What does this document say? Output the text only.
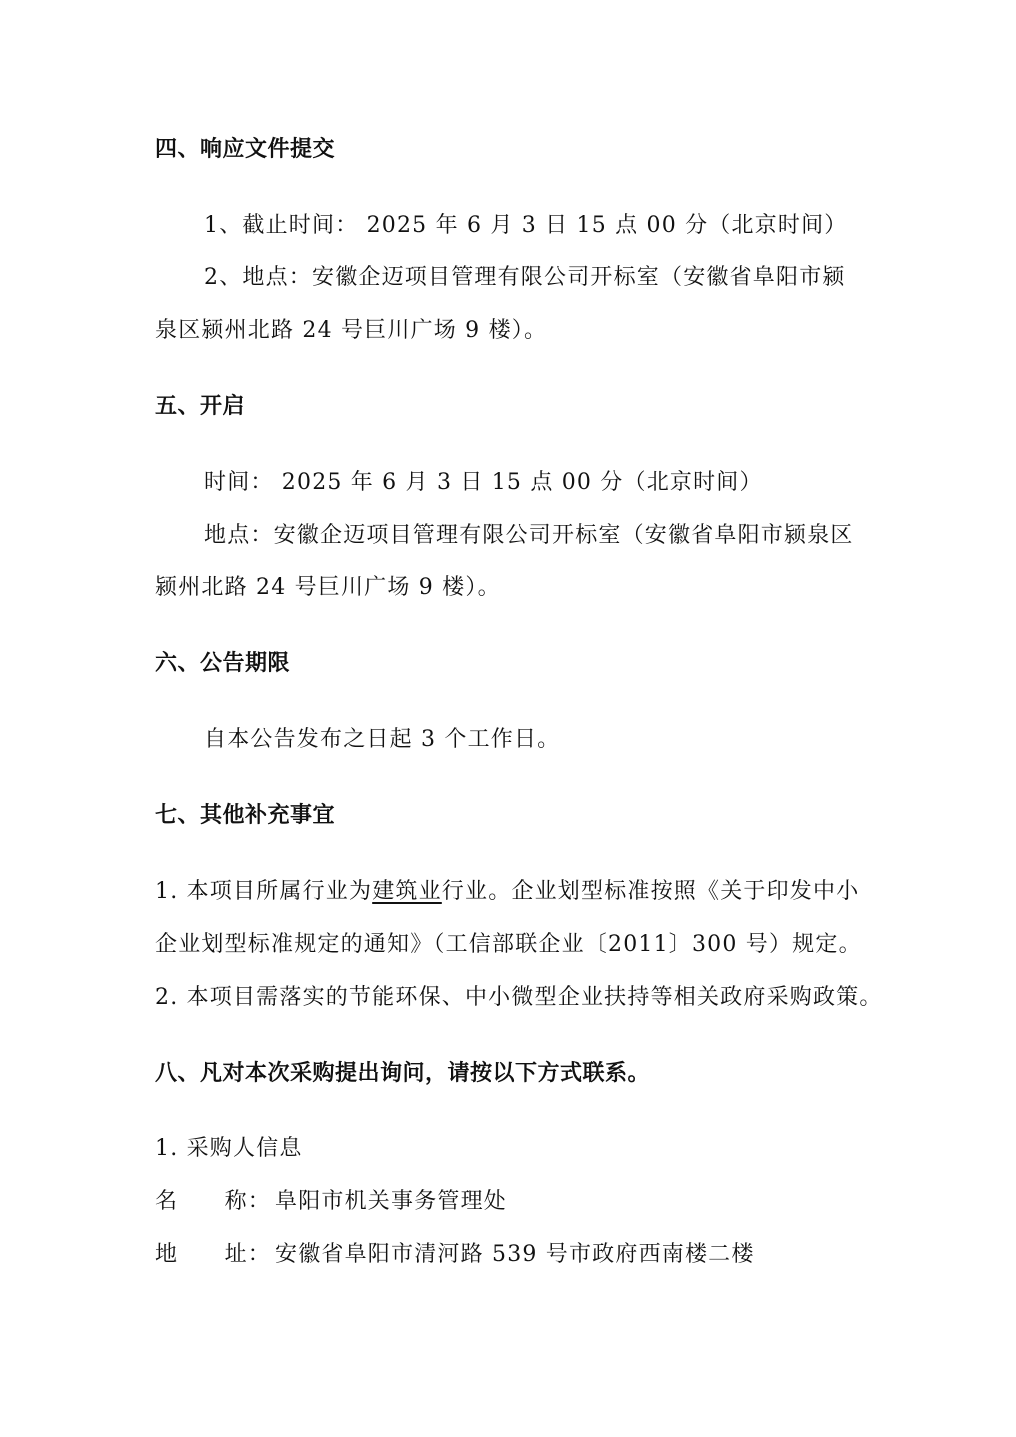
四、响应文件提交
1、截止时间： 2025 年 6 月 3 日 15 点 00 分（北京时间）
2、地点：安徽企迈项目管理有限公司开标室（安徽省阜阳市颍
泉区颍州北路 24 号巨川广场 9 楼）。
五、开启
时间： 2025 年 6 月 3 日 15 点 00 分（北京时间）
地点：安徽企迈项目管理有限公司开标室（安徽省阜阳市颍泉区
颍州北路 24 号巨川广场 9 楼）。
六、公告期限
自本公告发布之日起 3 个工作日。
七、其他补充事宜
1. 本项目所属行业为建筑业行业。企业划型标准按照《关于印发中小
企业划型标准规定的通知》（工信部联企业〔2011〕300 号）规定。
2. 本项目需落实的节能环保、中小微型企业扶持等相关政府采购政策。
八、凡对本次采购提出询问，请按以下方式联系。
1. 采购人信息
名　　称： 阜阳市机关事务管理处
地　　址： 安徽省阜阳市清河路 539 号市政府西南楼二楼
